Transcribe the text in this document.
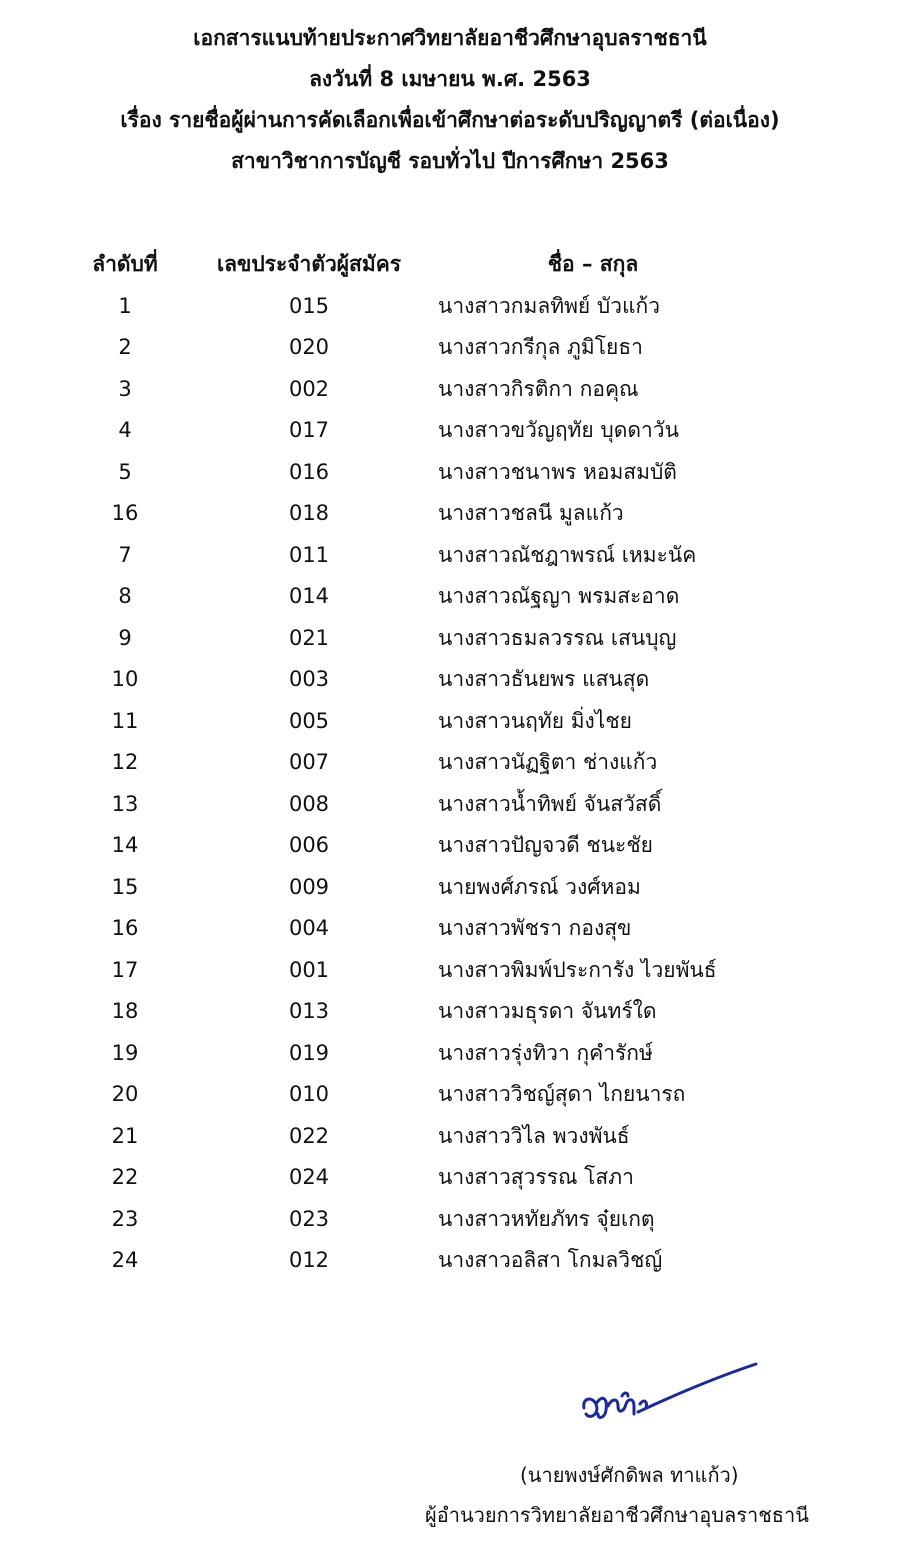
เอกสารแนบท้ายประกาศวิทยาลัยอาชีวศึกษาอุบลราชธานี
ลงวันที่ 8 เมษายน พ.ศ. 2563
เรื่อง รายชื่อผู้ผ่านการคัดเลือกเพื่อเข้าศึกษาต่อระดับปริญญาตรี (ต่อเนื่อง)
สาขาวิชาการบัญชี รอบทั่วไป ปีการศึกษา 2563
ลำดับที่	เลขประจำตัวผู้สมัคร	ชื่อ – สกุล
1	015	นางสาวกมลทิพย์ บัวแก้ว
2	020	นางสาวกรีกุล ภูมิโยธา
3	002	นางสาวกิรติกา กอคุณ
4	017	นางสาวขวัญฤทัย บุดดาวัน
5	016	นางสาวชนาพร หอมสมบัติ
16	018	นางสาวชลนี มูลแก้ว
7	011	นางสาวณัชฎาพรณ์ เหมะนัค
8	014	นางสาวณัฐญา พรมสะอาด
9	021	นางสาวธมลวรรณ เสนบุญ
10	003	นางสาวธันยพร แสนสุด
11	005	นางสาวนฤทัย มิ่งไชย
12	007	นางสาวนัฏฐิตา ช่างแก้ว
13	008	นางสาวน้ำทิพย์ จันสวัสดิ์
14	006	นางสาวปัญจวดี ชนะชัย
15	009	นายพงศ์ภรณ์ วงศ์หอม
16	004	นางสาวพัชรา กองสุข
17	001	นางสาวพิมพ์ประการัง ไวยพันธ์
18	013	นางสาวมธุรดา จันทร์ใด
19	019	นางสาวรุ่งทิวา กุคำรักษ์
20	010	นางสาววิชญ์สุดา ไกยนารถ
21	022	นางสาววิไล พวงพันธ์
22	024	นางสาวสุวรรณ โสภา
23	023	นางสาวหทัยภัทร จุ๋ยเกตุ
24	012	นางสาวอลิสา โกมลวิชญ์
(นายพงษ์ศักดิพล ทาแก้ว)
ผู้อำนวยการวิทยาลัยอาชีวศึกษาอุบลราชธานี
